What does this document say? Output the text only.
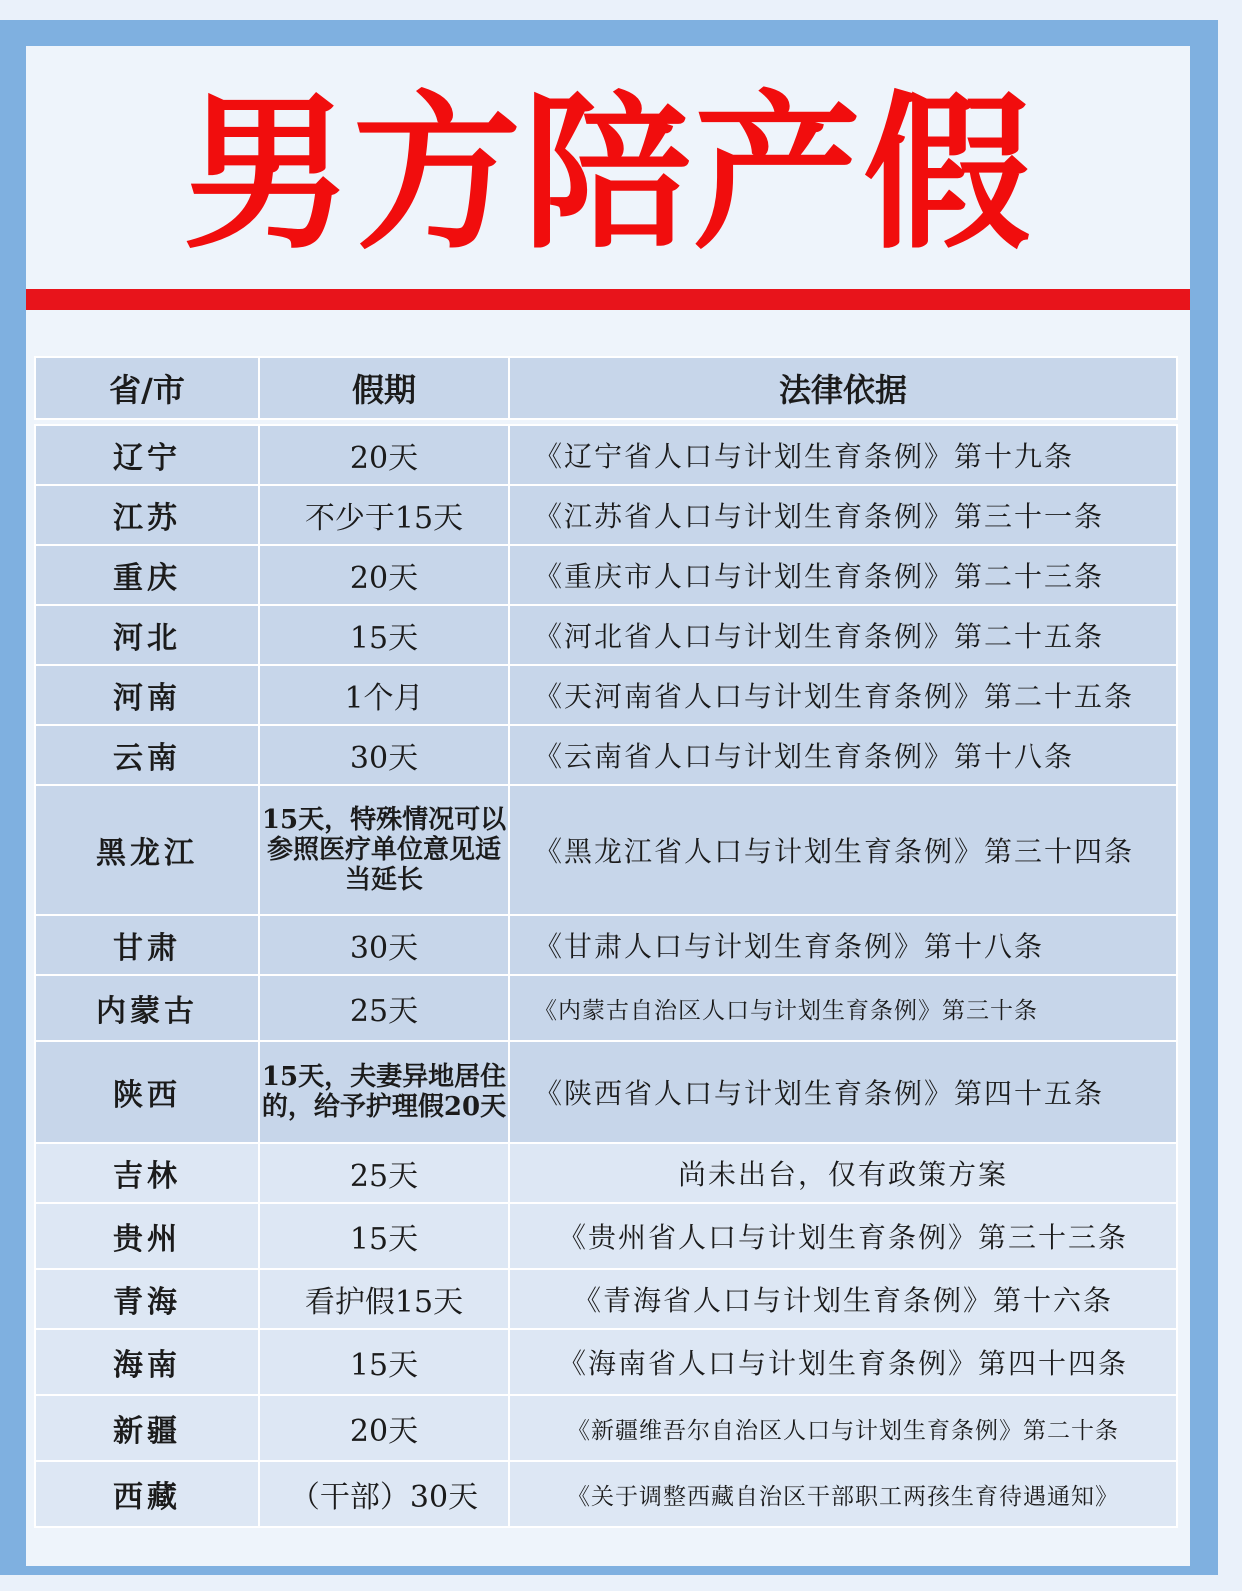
男方陪产假
省/市	假期	法律依据

辽宁	20天	《辽宁省人口与计划生育条例》第十九条
江苏	不少于15天	《江苏省人口与计划生育条例》第三十一条
重庆	20天	《重庆市人口与计划生育条例》第二十三条
河北	15天	《河北省人口与计划生育条例》第二十五条
河南	1个月	《天河南省人口与计划生育条例》第二十五条
云南	30天	《云南省人口与计划生育条例》第十八条
黑龙江	15天，特殊情况可以参照医疗单位意见适当延长	《黑龙江省人口与计划生育条例》第三十四条
甘肃	30天	《甘肃人口与计划生育条例》第十八条
内蒙古	25天	《内蒙古自治区人口与计划生育条例》第三十条
陕西	15天，夫妻异地居住的，给予护理假20天	《陕西省人口与计划生育条例》第四十五条
吉林	25天	尚未出台，仅有政策方案
贵州	15天	《贵州省人口与计划生育条例》第三十三条
青海	看护假15天	《青海省人口与计划生育条例》第十六条
海南	15天	《海南省人口与计划生育条例》第四十四条
新疆	20天	《新疆维吾尔自治区人口与计划生育条例》第二十条
西藏	（干部）30天	《关于调整西藏自治区干部职工两孩生育待遇通知》
